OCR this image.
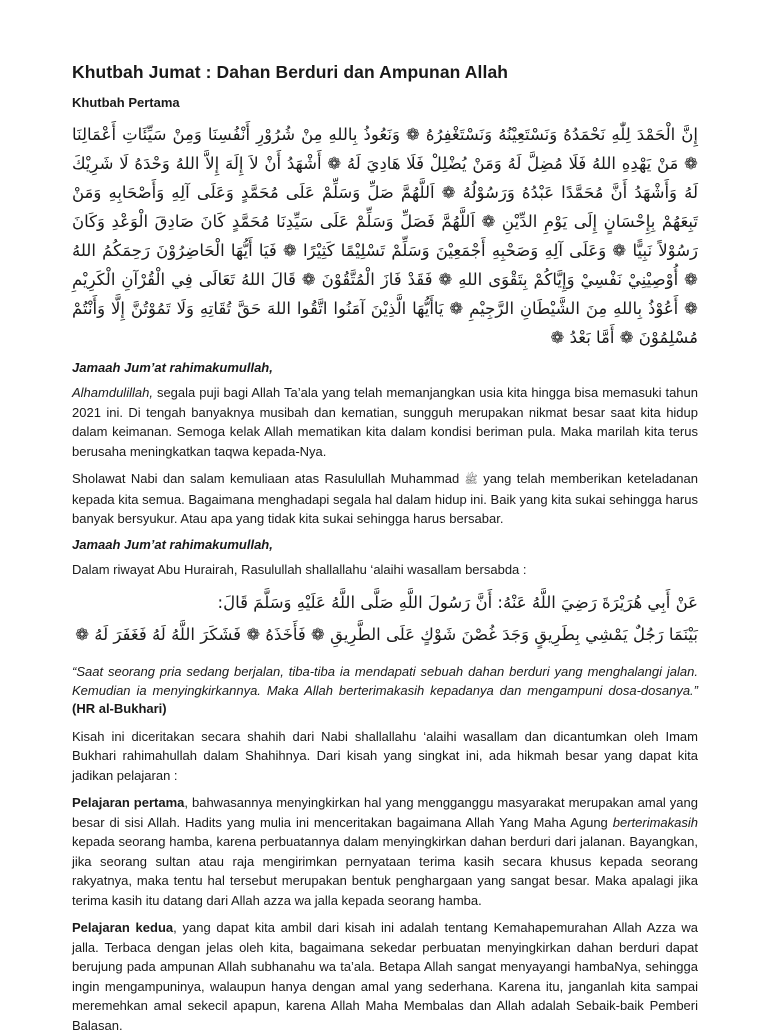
Khutbah Jumat : Dahan Berduri dan Ampunan Allah
Khutbah Pertama
إِنَّ الْحَمْدَ لِلّٰهِ نَحْمَدُهُ وَنَسْتَعِيْنُهُ وَنَسْتَغْفِرُهُ ❁ وَنَعُوذُ بِاللهِ مِنْ شُرُوْرِ أَنْفُسِنَا وَمِنْ سَيِّئَاتِ أَعْمَالِنَا ❁ مَنْ يَهْدِهِ اللهُ فَلَا مُضِلَّ لَهُ وَمَنْ يُضْلِلْ فَلَا هَادِيَ لَهُ ❁ أَشْهَدُ أَنْ لاَ إِلَهَ إِلاَّ اللهُ وَحْدَهُ لَا شَرِيْكَ لَهُ وَأَشْهَدُ أَنَّ مُحَمَّدًا عَبْدُهُ وَرَسُوْلُهُ ❁ اَللَّهُمَّ صَلِّ وَسَلِّمْ عَلَى مُحَمَّدٍ وَعَلَى آلِهِ وَأَصْحَابِهِ وَمَنْ تَبِعَهُمْ بِإِحْسَانٍ إِلَى يَوْمِ الدِّيْنِ ❁ اَللَّهُمَّ فَصَلِّ وَسَلِّمْ عَلَى سَيِّدِنَا مُحَمَّدٍ كَانَ صَادِقَ الْوَعْدِ وَكَانَ رَسُوْلاً نَبِيًّا ❁ وَعَلَى آلِهِ وَصَحْبِهِ أَجْمَعِيْنَ وَسَلِّمْ تَسْلِيْمًا كَثِيْرًا ❁ فَيَا أَيُّهَا الْحَاضِرُوْنَ رَحِمَكُمُ اللهُ ❁ أُوْصِيْنِيْ نَفْسِيْ وَإِيَّاكُمْ بِتَقْوَى اللهِ ❁ فَقَدْ فَازَ الْمُتَّقُوْنَ ❁ قَالَ اللهُ تَعَالَى فِي الْقُرْآنِ الْكَرِيْمِ ❁ أَعُوْذُ بِاللهِ مِنَ الشَّيْطَانِ الرَّجِيْمِ ❁ يَاأَيُّهَا الَّذِيْنَ آمَنُوا اتَّقُوا اللهَ حَقَّ تُقَاتِهِ وَلَا تَمُوْتُنَّ إِلَّا وَأَنْتُمْ مُسْلِمُوْنَ ❁ أَمَّا بَعْدُ ❁
Jamaah Jum’at rahimakumullah,

Alhamdulillah, segala puji bagi Allah Ta’ala yang telah memanjangkan usia kita hingga bisa memasuki tahun 2021 ini. Di tengah banyaknya musibah dan kematian, sungguh merupakan nikmat besar saat kita hidup dalam keimanan. Semoga kelak Allah mematikan kita dalam kondisi beriman pula. Maka marilah kita terus berusaha meningkatkan taqwa kepada-Nya.

Sholawat Nabi dan salam kemuliaan atas Rasulullah Muhammad ﷺ yang telah memberikan keteladanan kepada kita semua. Bagaimana menghadapi segala hal dalam hidup ini. Baik yang kita sukai sehingga harus banyak bersyukur. Atau apa yang tidak kita sukai sehingga harus bersabar.

Jamaah Jum’at rahimakumullah,

Dalam riwayat Abu Hurairah, Rasulullah shallallahu ‘alaihi wasallam bersabda :

عَنْ أَبِي هُرَيْرَةَ رَضِيَ اللَّهُ عَنْهُ: أَنَّ رَسُولَ اللَّهِ صَلَّى اللَّهُ عَلَيْهِ وَسَلَّمَ قَالَ:
بَيْنَمَا رَجُلٌ يَمْشِي بِطَرِيقٍ وَجَدَ غُصْنَ شَوْكٍ عَلَى الطَّرِيقِ ❁ فَأَخَذَهُ ❁ فَشَكَرَ اللَّهُ لَهُ فَغَفَرَ لَهُ ❁

“Saat seorang pria sedang berjalan, tiba-tiba ia mendapati sebuah dahan berduri yang menghalangi jalan. Kemudian ia menyingkirkannya. Maka Allah berterimakasih kepadanya dan mengampuni dosa-dosanya.” (HR al-Bukhari)

Kisah ini diceritakan secara shahih dari Nabi shallallahu ‘alaihi wasallam dan dicantumkan oleh Imam Bukhari rahimahullah dalam Shahihnya. Dari kisah yang singkat ini, ada hikmah besar yang dapat kita jadikan pelajaran :

Pelajaran pertama, bahwasannya menyingkirkan hal yang mengganggu masyarakat merupakan amal yang besar di sisi Allah. Hadits yang mulia ini menceritakan bagaimana Allah Yang Maha Agung berterimakasih kepada seorang hamba, karena perbuatannya dalam menyingkirkan dahan berduri dari jalanan. Bayangkan, jika seorang sultan atau raja mengirimkan pernyataan terima kasih secara khusus kepada seorang rakyatnya, maka tentu hal tersebut merupakan bentuk penghargaan yang sangat besar. Maka apalagi jika terima kasih itu datang dari Allah azza wa jalla kepada seorang hamba.

Pelajaran kedua, yang dapat kita ambil dari kisah ini adalah tentang Kemahapemurahan Allah Azza wa jalla. Terbaca dengan jelas oleh kita, bagaimana sekedar perbuatan menyingkirkan dahan berduri dapat berujung pada ampunan Allah subhanahu wa ta’ala. Betapa Allah sangat menyayangi hambaNya, sehingga ingin mengampuninya, walaupun hanya dengan amal yang sederhana. Karena itu, janganlah kita sampai meremehkan amal sekecil apapun, karena Allah Maha Membalas dan Allah adalah Sebaik-baik Pemberi Balasan.
